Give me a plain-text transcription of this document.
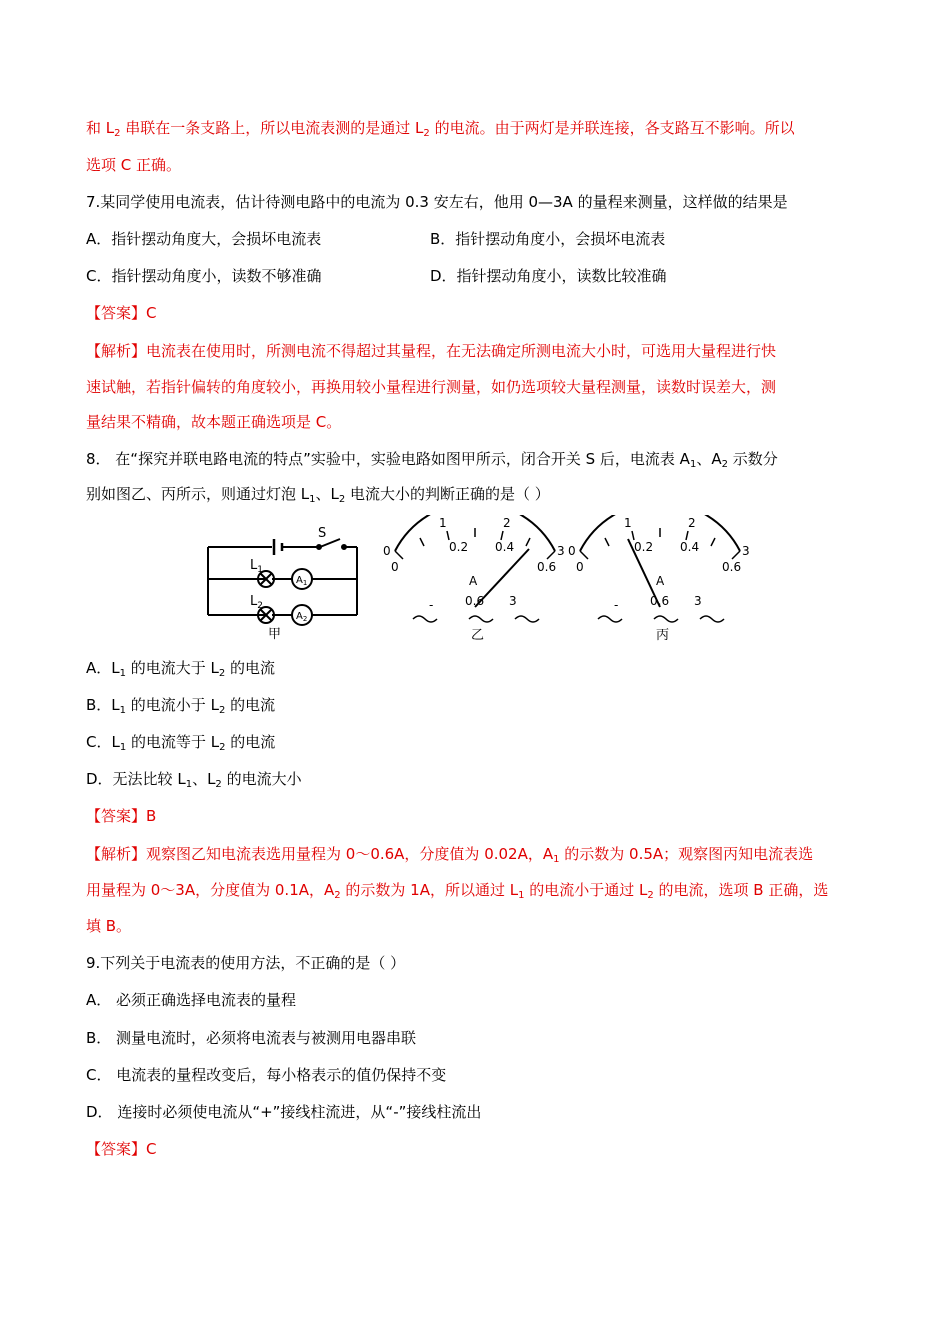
和 $L_2$ 串联在一条支路上，所以电流表测的是通过 $L_2$ 的电流。由于两灯是并联连接，各支路互不影响。所以
选项 C 正确。
7.某同学使用电流表，估计待测电路中的电流为 0.3 安左右，他用 0—3A 的量程来测量，这样做的结果是
A．指针摆动角度大，会损坏电流表	B．指针摆动角度小，会损坏电流表
C．指针摆动角度小，读数不够准确	D．指针摆动角度小，读数比较准确
【答案】C
【解析】电流表在使用时，所测电流不得超过其量程，在无法确定所测电流大小时，可选用大量程进行快
速试触，若指针偏转的角度较小，再换用较小量程进行测量，如仍选项较大量程测量，读数时误差大，测
量结果不精确，故本题正确选项是 C。
8． 在“探究并联电路电流的特点”实验中，实验电路如图甲所示，闭合开关 S 后，电流表 $A_1$、$A_2$ 示数分
别如图乙、丙所示，则通过灯泡 $L_1$、$L_2$ 电流大小的判断正确的是（ ）
S
$L_1$
$L_2$
$A_1$
$A_2$
甲
1	2
0
0.2 0.4
0.6
3
0
A
-	0.6 3
乙
1	2
0
0.2 0.4
0.6
3
0
A
-	0.6 3
丙
A．$L_1$ 的电流大于 $L_2$ 的电流
B．$L_1$ 的电流小于 $L_2$ 的电流
C．$L_1$ 的电流等于 $L_2$ 的电流
D．无法比较 $L_1$、$L_2$ 的电流大小
【答案】B
【解析】观察图乙知电流表选用量程为 0～0.6A，分度值为 0.02A，$A_1$ 的示数为 0.5A；观察图丙知电流表选
用量程为 0～3A，分度值为 0.1A，$A_2$ 的示数为 1A，所以通过 $L_1$ 的电流小于通过 $L_2$ 的电流，选项 B 正确，选
填 B。
9.下列关于电流表的使用方法，不正确的是（ ）
A． 必须正确选择电流表的量程
B． 测量电流时，必须将电流表与被测用电器串联
C． 电流表的量程改变后，每小格表示的值仍保持不变
D． 连接时必须使电流从“+”接线柱流进，从“-”接线柱流出
【答案】C
